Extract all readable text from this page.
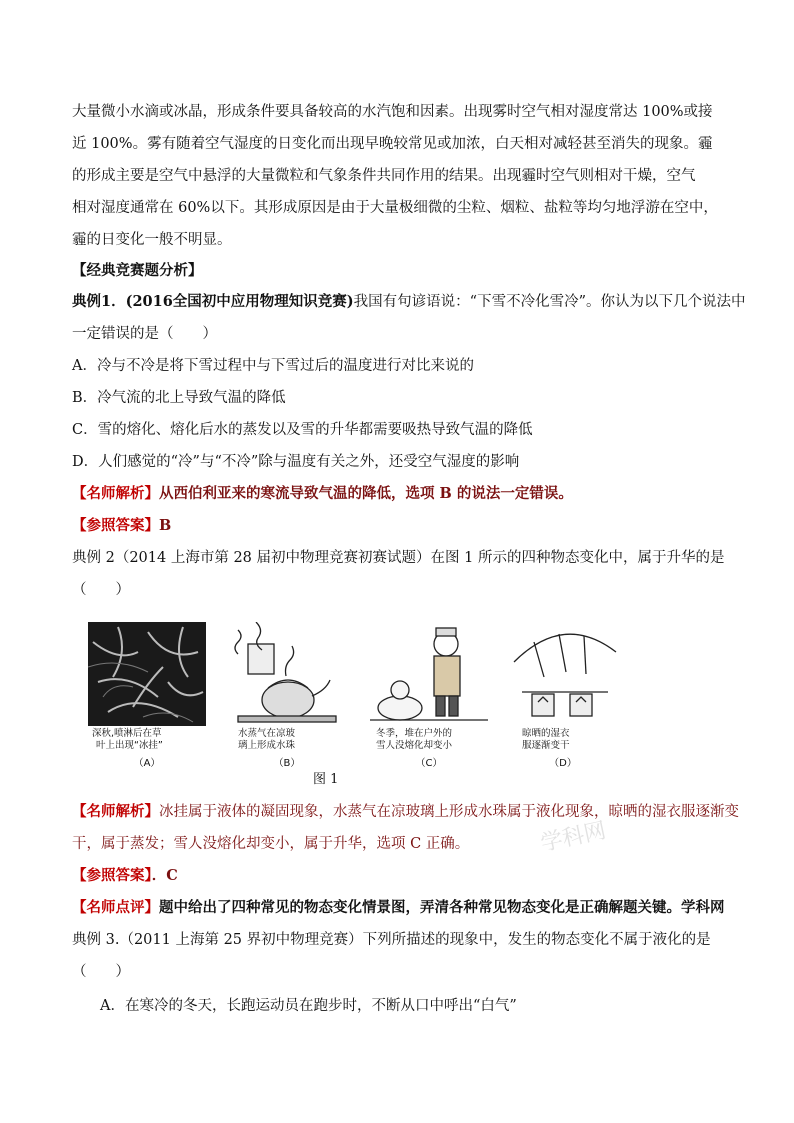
大量微小水滴或冰晶，形成条件要具备较高的水汽饱和因素。出现雾时空气相对湿度常达 100%或接
近 100%。雾有随着空气湿度的日变化而出现早晚较常见或加浓，白天相对减轻甚至消失的现象。霾
的形成主要是空气中悬浮的大量微粒和气象条件共同作用的结果。出现霾时空气则相对干燥，空气
相对湿度通常在 60%以下。其形成原因是由于大量极细微的尘粒、烟粒、盐粒等均匀地浮游在空中，
霾的日变化一般不明显。
【经典竞赛题分析】
典例1．(2016全国初中应用物理知识竞赛)我国有句谚语说：“下雪不冷化雪冷”。你认为以下几个说法中
一定错误的是（　　）
A．冷与不冷是将下雪过程中与下雪过后的温度进行对比来说的
B．冷气流的北上导致气温的降低
C．雪的熔化、熔化后水的蒸发以及雪的升华都需要吸热导致气温的降低
D．人们感觉的“冷”与“不冷”除与温度有关之外，还受空气湿度的影响
【名师解析】从西伯利亚来的寒流导致气温的降低，选项 B 的说法一定错误。
【参照答案】B
典例 2（2014 上海市第 28 届初中物理竞赛初赛试题）在图 1 所示的四种物态变化中，属于升华的是
（　　）
深秋,喷淋后在草
叶上出现“冰挂”
（A）
水蒸气在凉玻
璃上形成水珠
（B）
冬季，堆在户外的
雪人没熔化却变小
（C）
晾晒的湿衣
服逐渐变干
（D）
图 1
【名师解析】冰挂属于液体的凝固现象，水蒸气在凉玻璃上形成水珠属于液化现象，晾晒的湿衣服逐渐变
干，属于蒸发；雪人没熔化却变小，属于升华，选项 C 正确。	学科网
【参照答案】．C
【名师点评】题中给出了四种常见的物态变化情景图，弄清各种常见物态变化是正确解题关键。学科网
典例 3.（2011 上海第 25 界初中物理竞赛）下列所描述的现象中，发生的物态变化不属于液化的是
（　　）
A．在寒冷的冬天，长跑运动员在跑步时，不断从口中呼出“白气”
